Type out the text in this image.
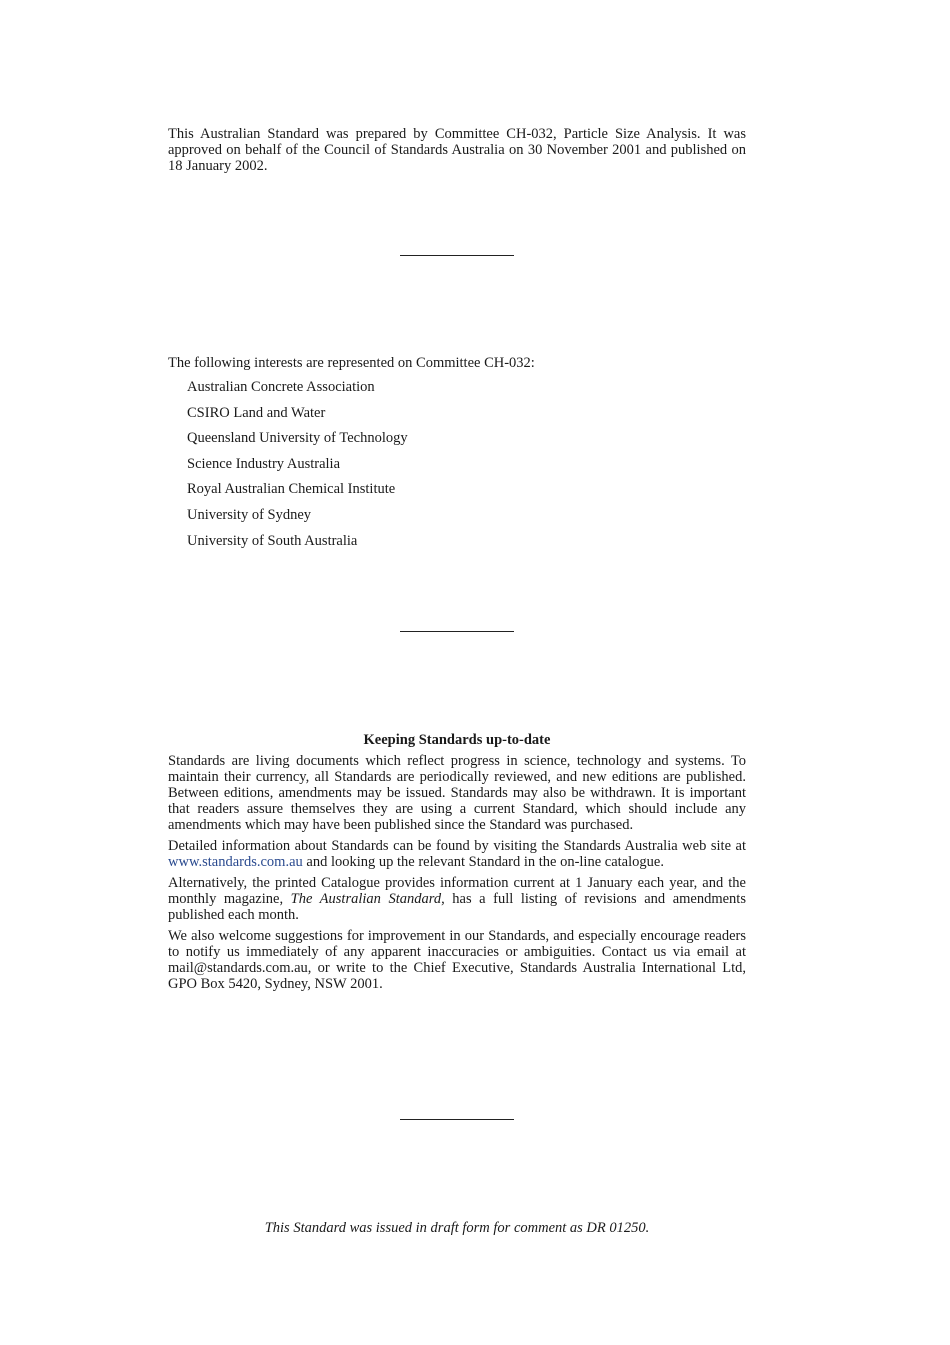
This Australian Standard was prepared by Committee CH-032, Particle Size Analysis. It was approved on behalf of the Council of Standards Australia on 30 November 2001 and published on 18 January 2002.
The following interests are represented on Committee CH-032:
Australian Concrete Association
CSIRO Land and Water
Queensland University of Technology
Science Industry Australia
Royal Australian Chemical Institute
University of Sydney
University of South Australia
Keeping Standards up-to-date

Standards are living documents which reflect progress in science, technology and systems. To maintain their currency, all Standards are periodically reviewed, and new editions are published. Between editions, amendments may be issued. Standards may also be withdrawn. It is important that readers assure themselves they are using a current Standard, which should include any amendments which may have been published since the Standard was purchased.

Detailed information about Standards can be found by visiting the Standards Australia web site at www.standards.com.au and looking up the relevant Standard in the on-line catalogue.

Alternatively, the printed Catalogue provides information current at 1 January each year, and the monthly magazine, The Australian Standard, has a full listing of revisions and amendments published each month.

We also welcome suggestions for improvement in our Standards, and especially encourage readers to notify us immediately of any apparent inaccuracies or ambiguities. Contact us via email at mail@standards.com.au, or write to the Chief Executive, Standards Australia International Ltd, GPO Box 5420, Sydney, NSW 2001.

This Standard was issued in draft form for comment as DR 01250.
